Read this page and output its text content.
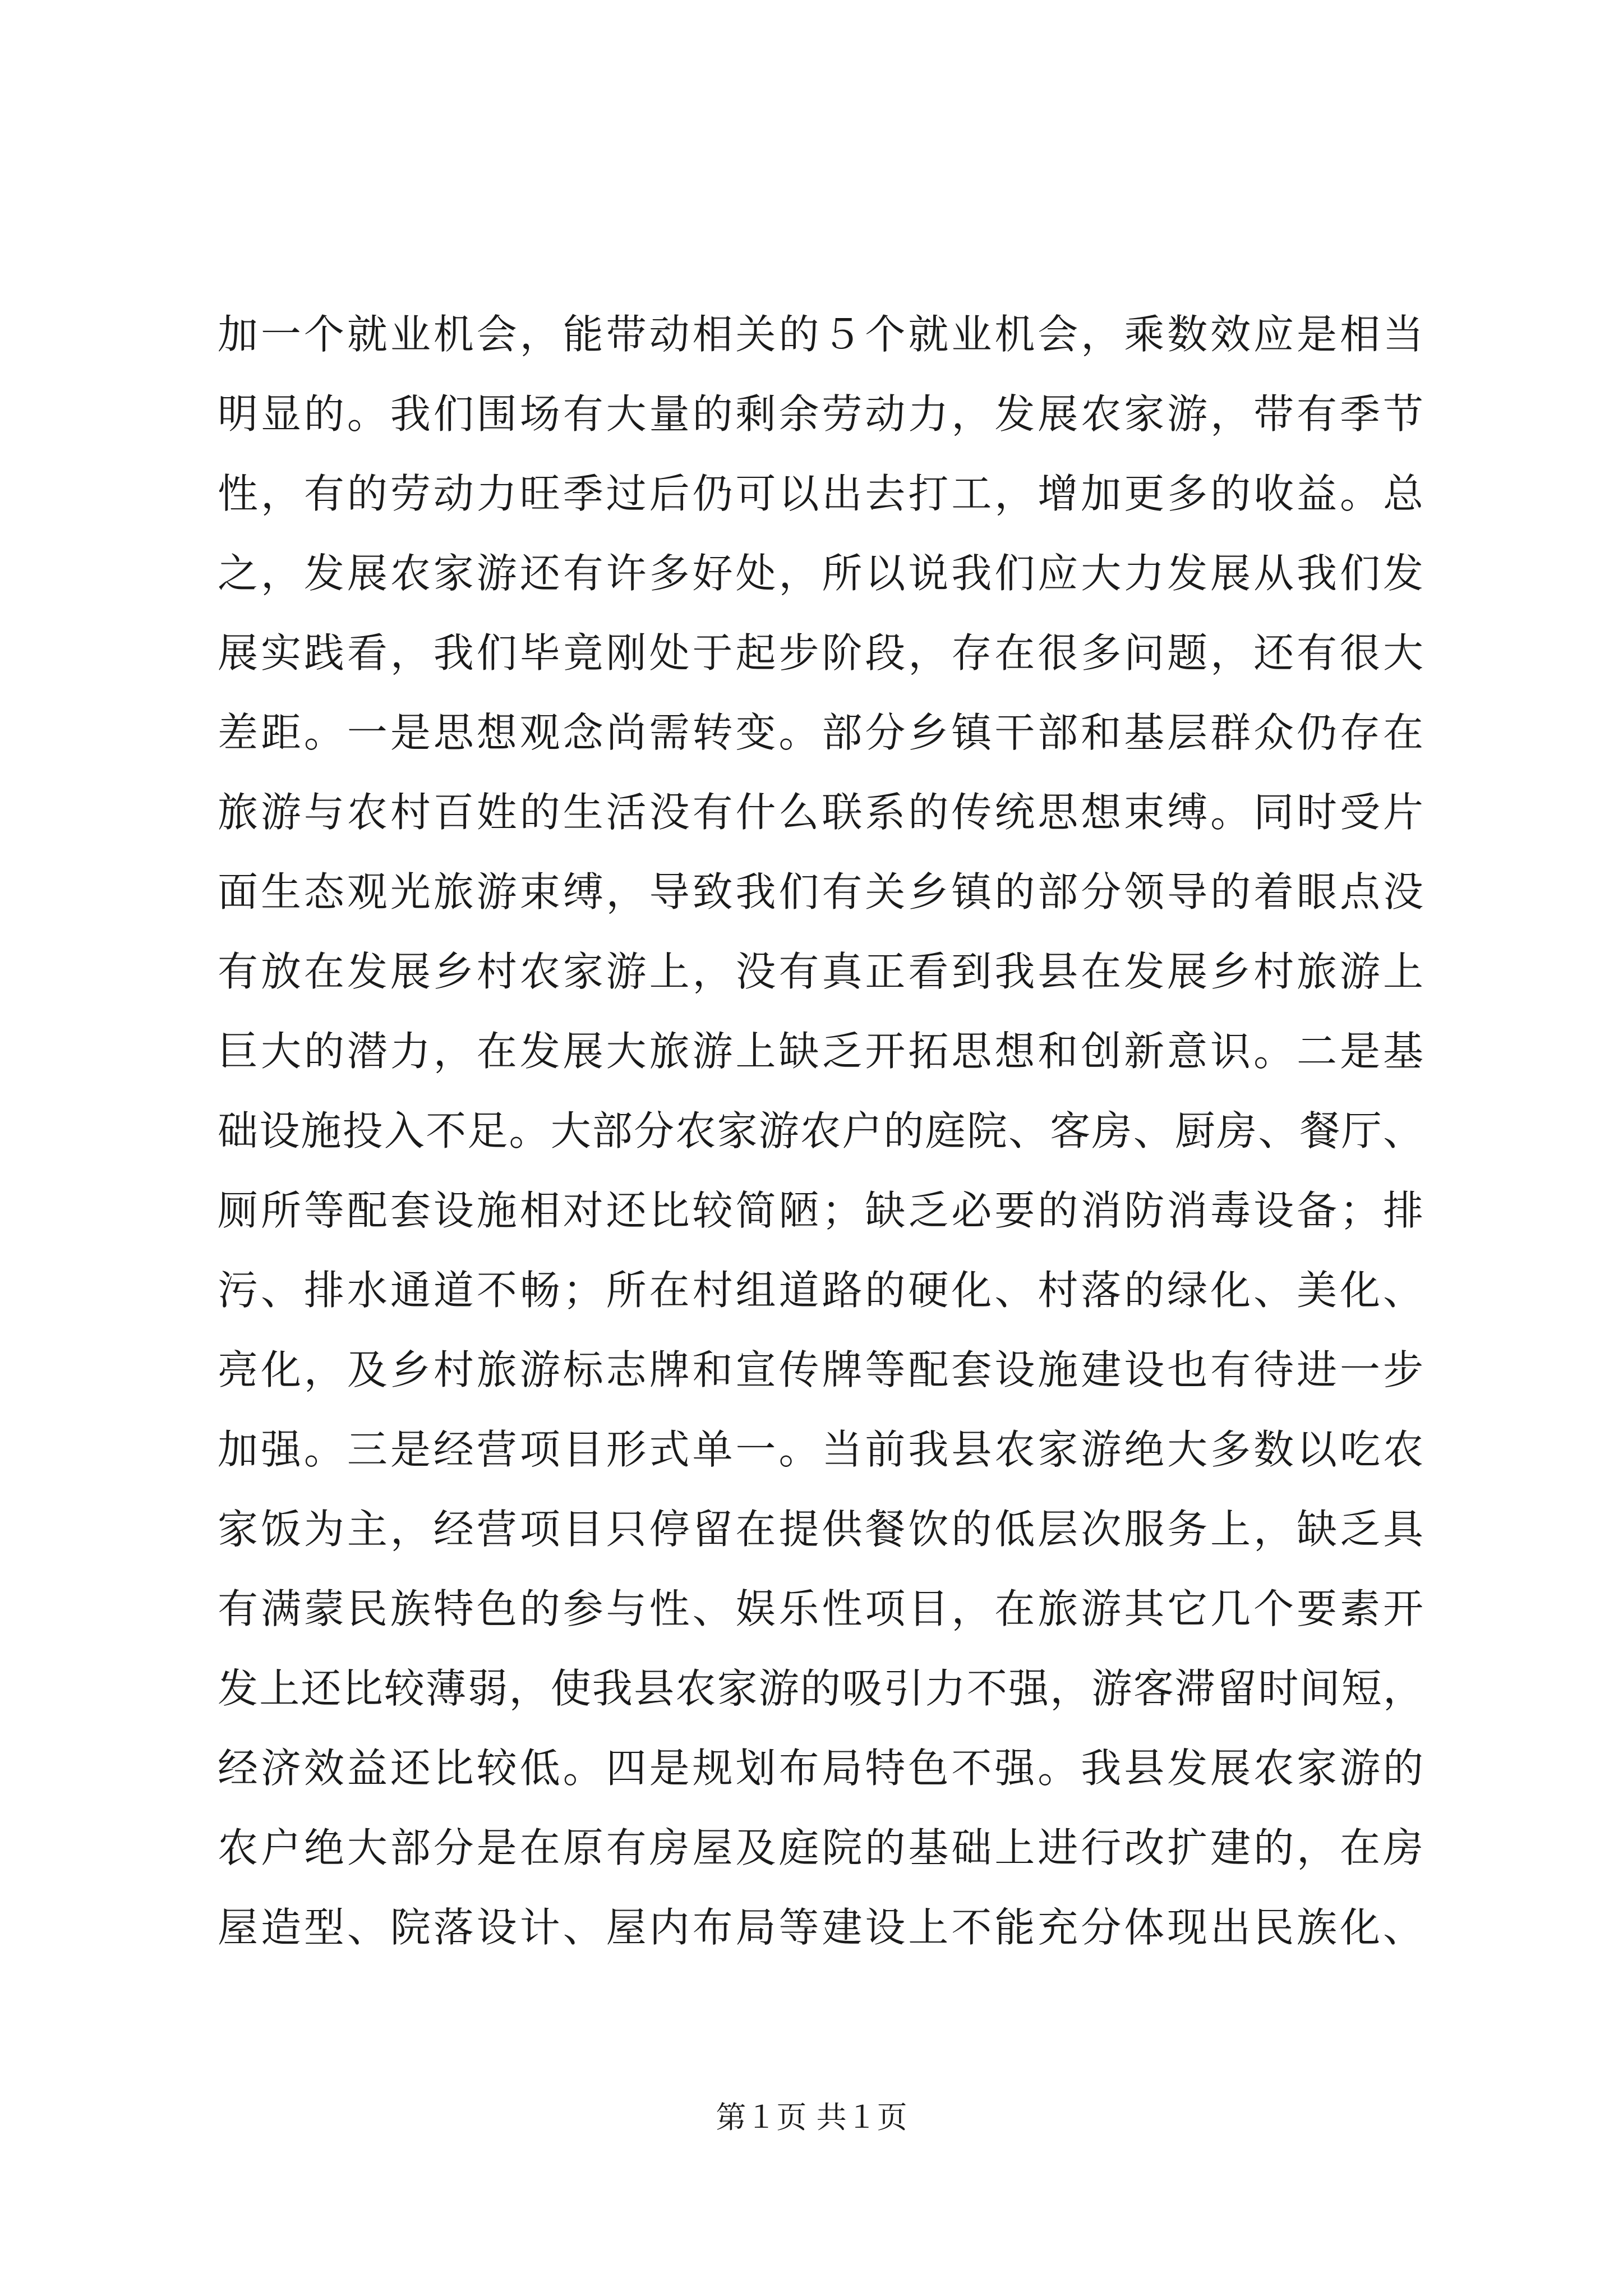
加一个就业机会，能带动相关的５个就业机会，乘数效应是相当
明显的。我们围场有大量的剩余劳动力，发展农家游，带有季节
性，有的劳动力旺季过后仍可以出去打工，增加更多的收益。总
之，发展农家游还有许多好处，所以说我们应大力发展从我们发
展实践看，我们毕竟刚处于起步阶段，存在很多问题，还有很大
差距。一是思想观念尚需转变。部分乡镇干部和基层群众仍存在
旅游与农村百姓的生活没有什么联系的传统思想束缚。同时受片
面生态观光旅游束缚，导致我们有关乡镇的部分领导的着眼点没
有放在发展乡村农家游上，没有真正看到我县在发展乡村旅游上
巨大的潜力，在发展大旅游上缺乏开拓思想和创新意识。二是基
础设施投入不足。大部分农家游农户的庭院、客房、厨房、餐厅、
厕所等配套设施相对还比较简陋；缺乏必要的消防消毒设备；排
污、排水通道不畅；所在村组道路的硬化、村落的绿化、美化、
亮化，及乡村旅游标志牌和宣传牌等配套设施建设也有待进一步
加强。三是经营项目形式单一。当前我县农家游绝大多数以吃农
家饭为主，经营项目只停留在提供餐饮的低层次服务上，缺乏具
有满蒙民族特色的参与性、娱乐性项目，在旅游其它几个要素开
发上还比较薄弱，使我县农家游的吸引力不强，游客滞留时间短，
经济效益还比较低。四是规划布局特色不强。我县发展农家游的
农户绝大部分是在原有房屋及庭院的基础上进行改扩建的，在房
屋造型、院落设计、屋内布局等建设上不能充分体现出民族化、
第１页 共１页
